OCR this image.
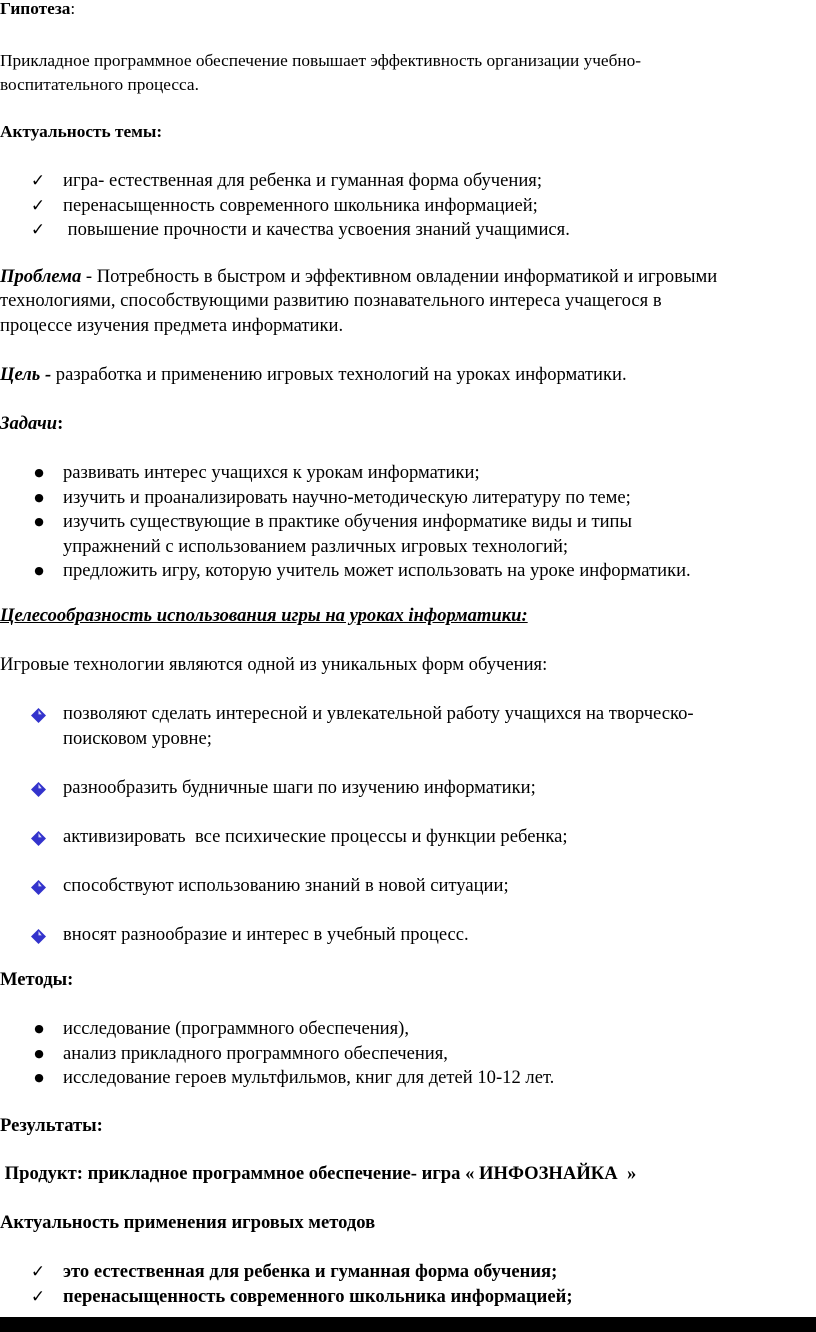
Гипотеза:

Прикладное программное обеспечение повышает эффективность организации учебно-

воспитательного процесса.

Актуальность темы:

✓ игра- естественная для ребенка и гуманная форма обучения;
✓ перенасыщенность современного школьника информацией;
✓ повышение прочности и качества усвоения знаний учащимися.

Проблема - Потребность в быстром и эффективном овладении информатикой и игровыми

технологиями, способствующими развитию познавательного интереса учащегося в

процессе изучения предмета информатики.

Цель - разработка и применению игровых технологий на уроках информатики.

Задачи:

● развивать интерес учащихся к урокам информатики;
● изучить и проанализировать научно-методическую литературу по теме;
● изучить существующие в практике обучения информатике виды и типы
упражнений с использованием различных игровых технологий;
● предложить игру, которую учитель может использовать на уроке информатики.

Целесообразность использования игры на уроках інформатики:

Игровые технологии являются одной из уникальных форм обучения:

позволяют сделать интересной и увлекательной работу учащихся на творческо-
поисковом уровне;
разнообразить будничные шаги по изучению информатики;
активизировать  все психические процессы и функции ребенка;
способствуют использованию знаний в новой ситуации;
вносят разнообразие и интерес в учебный процесс.

Методы:

● исследование (программного обеспечения),
● анализ прикладного программного обеспечения,
● исследование героев мультфильмов, книг для детей 10-12 лет.

Результаты:

Продукт: прикладное программное обеспечение- игра « ИНФОЗНАЙКА  »

Актуальность применения игровых методов

✓ это естественная для ребенка и гуманная форма обучения;
✓ перенасыщенность современного школьника информацией;
